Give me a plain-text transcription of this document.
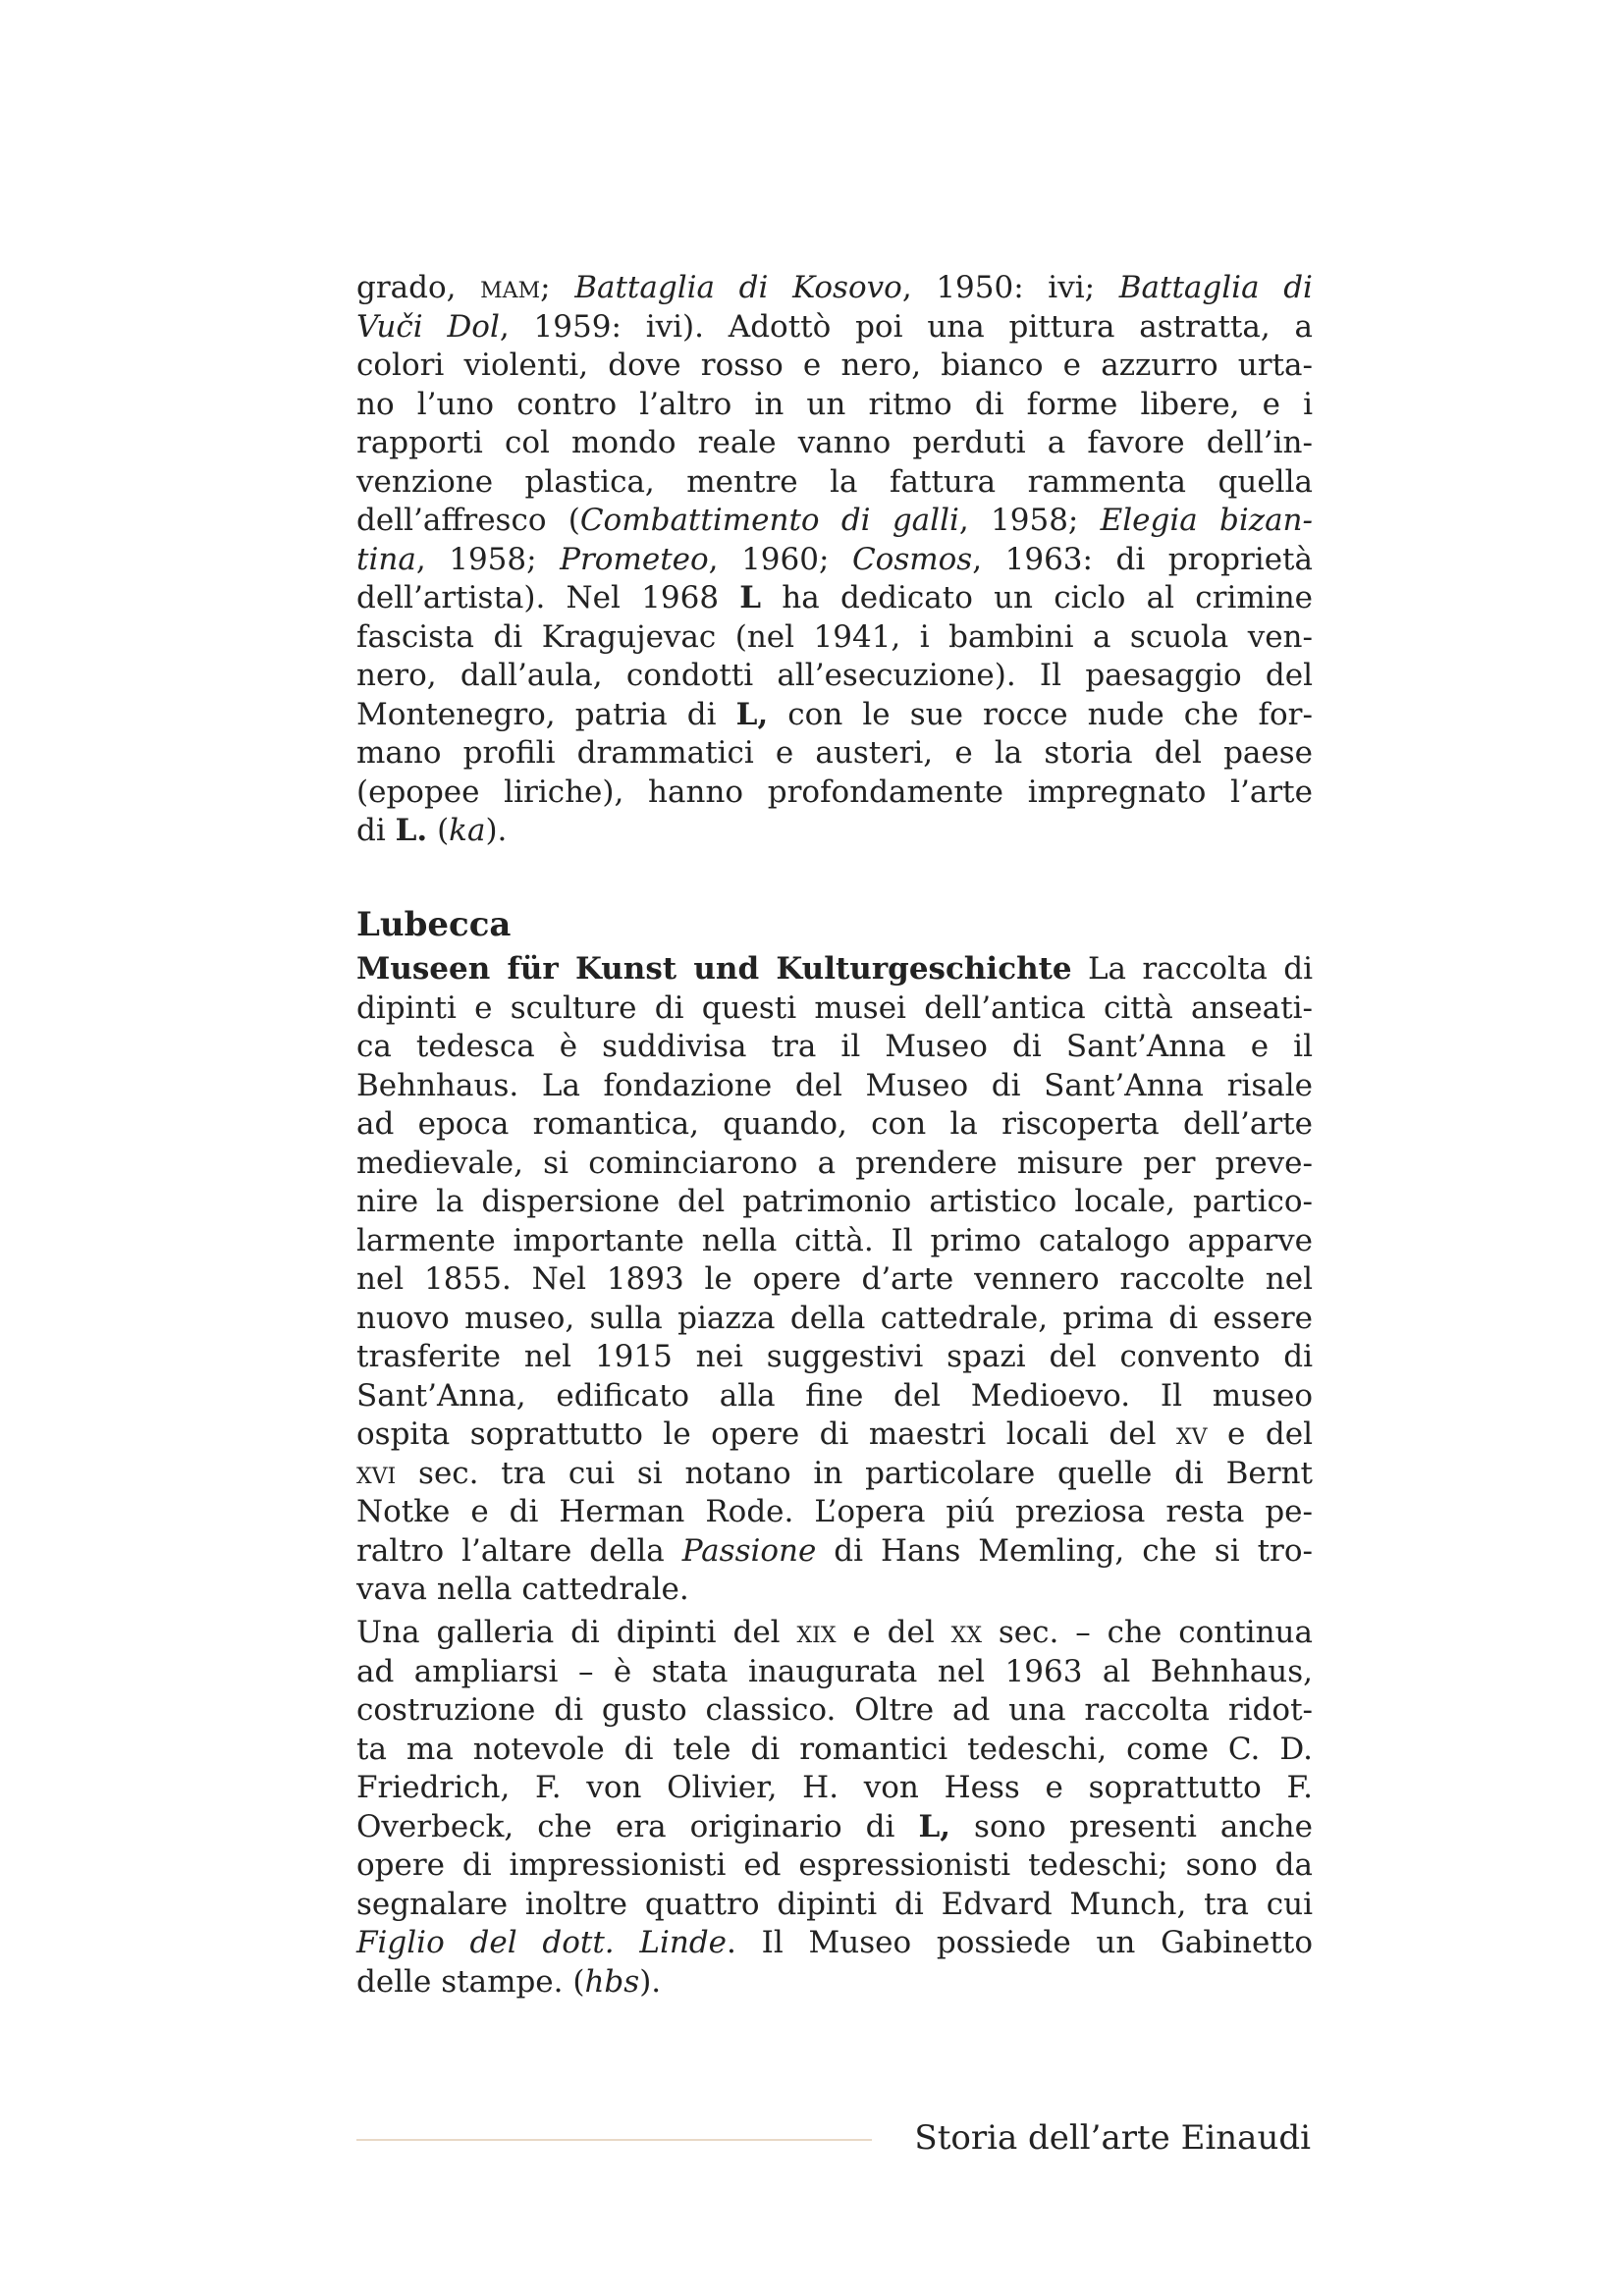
grado, mam; Battaglia di Kosovo, 1950: ivi; Battaglia di
Vuči Dol, 1959: ivi). Adottò poi una pittura astratta, a
colori violenti, dove rosso e nero, bianco e azzurro urta-
no l’uno contro l’altro in un ritmo di forme libere, e i
rapporti col mondo reale vanno perduti a favore dell’in-
venzione plastica, mentre la fattura rammenta quella
dell’affresco (Combattimento di galli, 1958; Elegia bizan-
tina, 1958; Prometeo, 1960; Cosmos, 1963: di proprietà
dell’artista). Nel 1968 L ha dedicato un ciclo al crimine
fascista di Kragujevac (nel 1941, i bambini a scuola ven-
nero, dall’aula, condotti all’esecuzione). Il paesaggio del
Montenegro, patria di L, con le sue rocce nude che for-
mano profili drammatici e austeri, e la storia del paese
(epopee liriche), hanno profondamente impregnato l’arte
di L. (ka).
Lubecca
Museen für Kunst und Kulturgeschichte La raccolta di
dipinti e sculture di questi musei dell’antica città anseati-
ca tedesca è suddivisa tra il Museo di Sant’Anna e il
Behnhaus. La fondazione del Museo di Sant’Anna risale
ad epoca romantica, quando, con la riscoperta dell’arte
medievale, si cominciarono a prendere misure per preve-
nire la dispersione del patrimonio artistico locale, partico-
larmente importante nella città. Il primo catalogo apparve
nel 1855. Nel 1893 le opere d’arte vennero raccolte nel
nuovo museo, sulla piazza della cattedrale, prima di essere
trasferite nel 1915 nei suggestivi spazi del convento di
Sant’Anna, edificato alla fine del Medioevo. Il museo
ospita soprattutto le opere di maestri locali del xv e del
xvi sec. tra cui si notano in particolare quelle di Bernt
Notke e di Herman Rode. L’opera piú preziosa resta pe-
raltro l’altare della Passione di Hans Memling, che si tro-
vava nella cattedrale.
Una galleria di dipinti del xix e del xx sec. – che continua
ad ampliarsi – è stata inaugurata nel 1963 al Behnhaus,
costruzione di gusto classico. Oltre ad una raccolta ridot-
ta ma notevole di tele di romantici tedeschi, come C. D.
Friedrich, F. von Olivier, H. von Hess e soprattutto F.
Overbeck, che era originario di L, sono presenti anche
opere di impressionisti ed espressionisti tedeschi; sono da
segnalare inoltre quattro dipinti di Edvard Munch, tra cui
Figlio del dott. Linde. Il Museo possiede un Gabinetto
delle stampe. (hbs).
Storia dell’arte Einaudi
